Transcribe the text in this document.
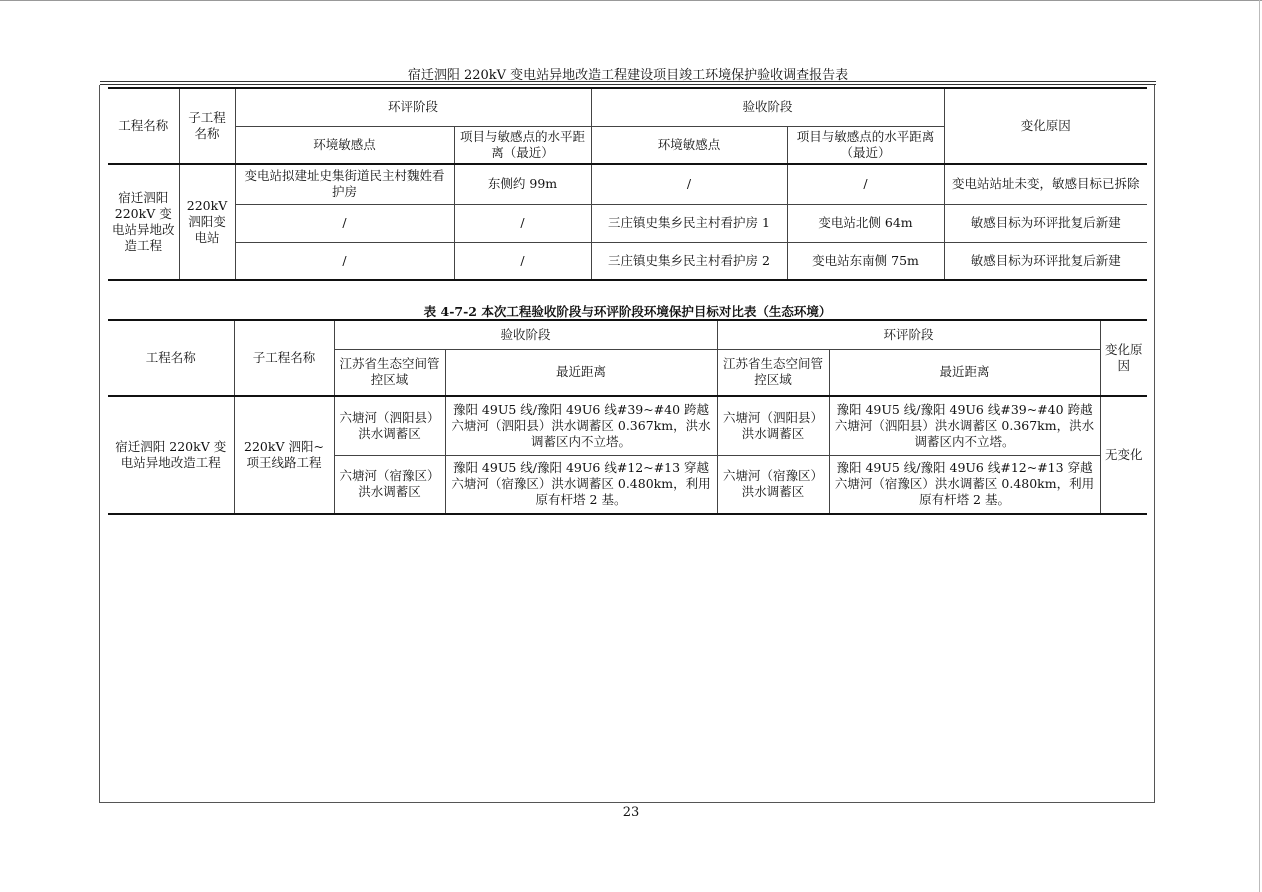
宿迁泗阳 220kV 变电站异地改造工程建设项目竣工环境保护验收调查报告表
工程名称	子工程名称	环评阶段		验收阶段		变化原因
		环境敏感点	项目与敏感点的水平距离（最近）	环境敏感点	项目与敏感点的水平距离（最近）	
宿迁泗阳220kV 变电站异地改造工程	220kV 泗阳变电站	变电站拟建址史集街道民主村魏姓看护房	东侧约 99m	/	/	变电站站址未变，敏感目标已拆除
		/	/	三庄镇史集乡民主村看护房 1	变电站北侧 64m	敏感目标为环评批复后新建
		/	/	三庄镇史集乡民主村看护房 2	变电站东南侧 75m	敏感目标为环评批复后新建
表 4-7-2 本次工程验收阶段与环评阶段环境保护目标对比表（生态环境）
工程名称	子工程名称	验收阶段		环评阶段		变化原因
		江苏省生态空间管控区域	最近距离	江苏省生态空间管控区域	最近距离	
宿迁泗阳 220kV 变电站异地改造工程	220kV 泗阳~项王线路工程	六塘河（泗阳县）洪水调蓄区	豫阳 49U5 线/豫阳 49U6 线#39~#40 跨越六塘河（泗阳县）洪水调蓄区 0.367km，洪水调蓄区内不立塔。	六塘河（泗阳县）洪水调蓄区	豫阳 49U5 线/豫阳 49U6 线#39~#40 跨越六塘河（泗阳县）洪水调蓄区 0.367km，洪水调蓄区内不立塔。	无变化
		六塘河（宿豫区）洪水调蓄区	豫阳 49U5 线/豫阳 49U6 线#12~#13 穿越六塘河（宿豫区）洪水调蓄区 0.480km，利用原有杆塔 2 基。	六塘河（宿豫区）洪水调蓄区	豫阳 49U5 线/豫阳 49U6 线#12~#13 穿越六塘河（宿豫区）洪水调蓄区 0.480km，利用原有杆塔 2 基。	
23
